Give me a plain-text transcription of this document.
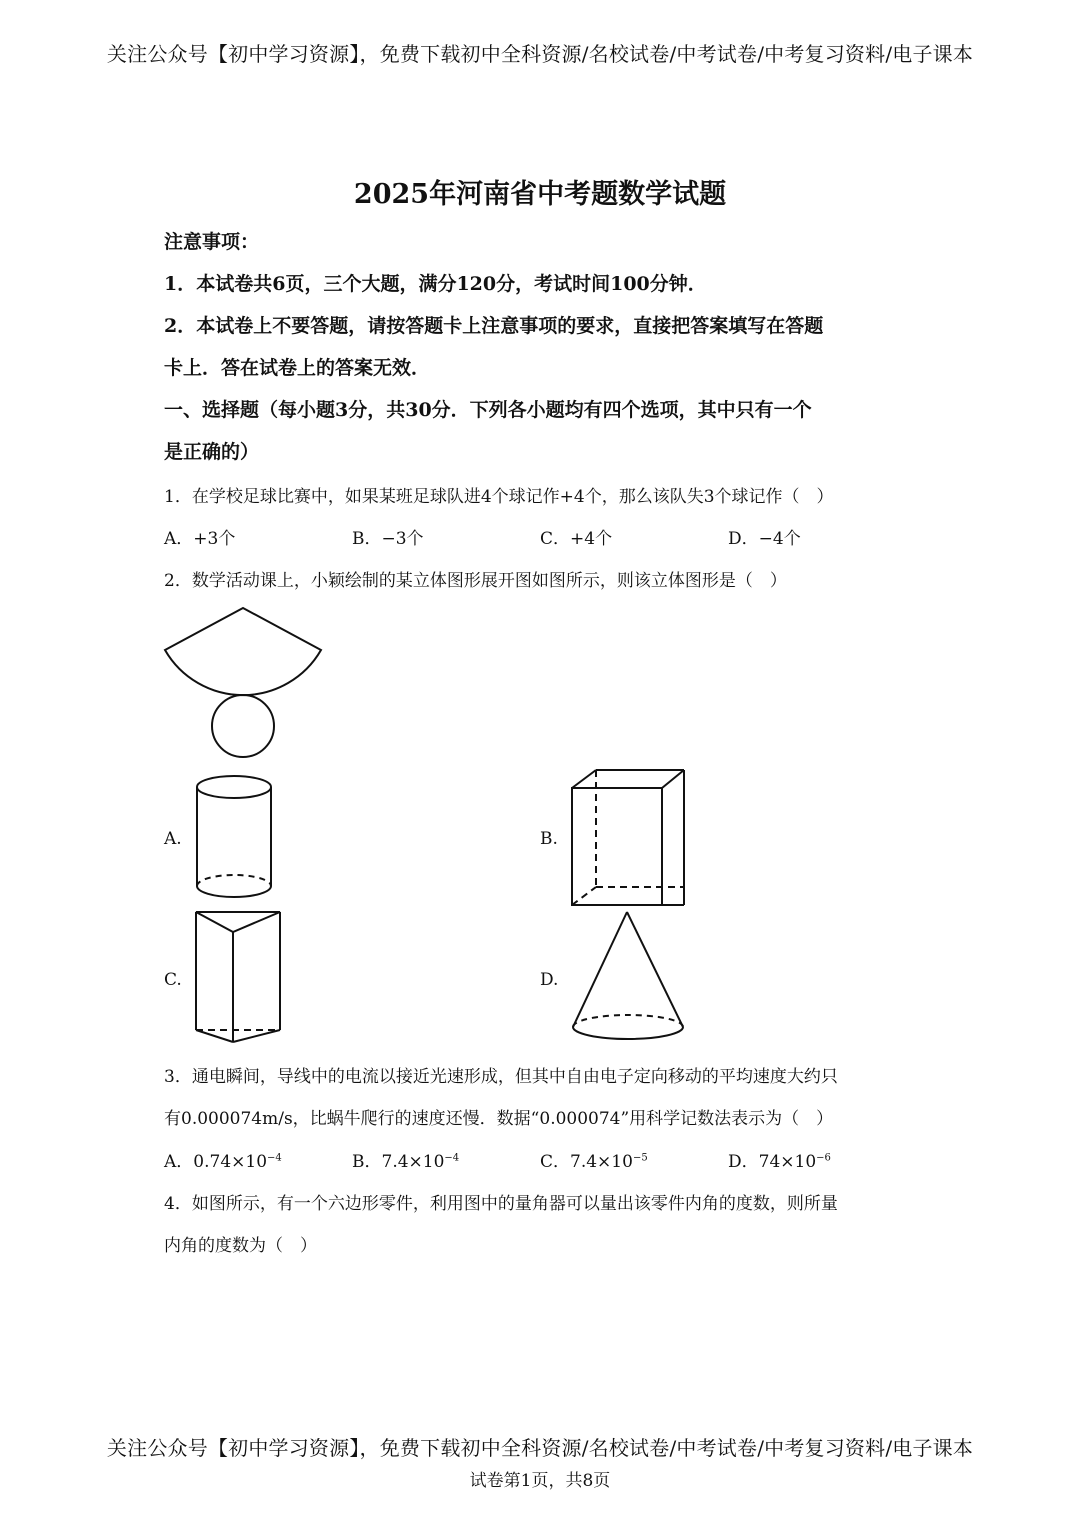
关注公众号【初中学习资源】，免费下载初中全科资源/名校试卷/中考试卷/中考复习资料/电子课本
2025年河南省中考题数学试题
注意事项：
1．本试卷共6页，三个大题，满分120分，考试时间100分钟．
2．本试卷上不要答题，请按答题卡上注意事项的要求，直接把答案填写在答题
卡上．答在试卷上的答案无效．
一、选择题（每小题3分，共30分．下列各小题均有四个选项，其中只有一个
是正确的）
1．在学校足球比赛中，如果某班足球队进4个球记作+4个，那么该队失3个球记作（　）
A．+3个	B．−3个	C．+4个	D．−4个
2．数学活动课上，小颖绘制的某立体图形展开图如图所示，则该立体图形是（　）
A.	B.
C.	D.
3．通电瞬间，导线中的电流以接近光速形成，但其中自由电子定向移动的平均速度大约只
有0.000074m/s，比蜗牛爬行的速度还慢．数据“0.000074”用科学记数法表示为（　）
A．$0.74\times 10^{-4}$	B．$7.4\times 10^{-4}$	C．$7.4\times 10^{-5}$	D．$74\times 10^{-6}$
4．如图所示，有一个六边形零件，利用图中的量角器可以量出该零件内角的度数，则所量
内角的度数为（　）
关注公众号【初中学习资源】，免费下载初中全科资源/名校试卷/中考试卷/中考复习资料/电子课本
试卷第1页，共8页
